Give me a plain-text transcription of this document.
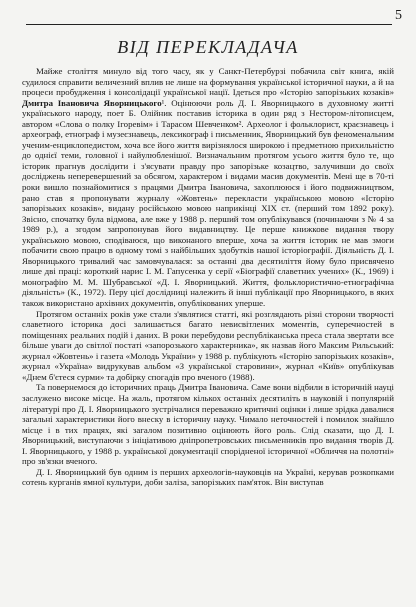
5
ВІД ПЕРЕКЛАДАЧА

Майже століття минуло від того часу, як у Санкт-Петербурзі побачила світ книга, якій судилося справити величезний вплив не лише на формування української історичної науки, а й на процеси пробудження і консолідації української нації. Ідеться про «Історію запорізьких козаків» Дмитра Івановича Яворницького¹. Оцінюючи роль Д. І. Яворницького в духовному житті українського народу, поет Б. Олійник поставив історика в один ряд з Нестором-літописцем, автором «Слова о полку Ігоревім» і Тарасом Шевченком². Археолог і фольклорист, краєзнавець і археограф, етнограф і музеєзнавець, лексикограф і письменник, Яворницький був феноменальним ученим-енциклопедистом, хоча все його життя вирізнялося широкою і предметною прихильністю до однієї теми, головної і найулюбленішої. Визначальним протягом усього життя було те, що історик прагнув дослідити і з'ясувати правду про запорізьке козацтво, залучивши до своїх досліджень неперевершений за обсягом, характером і видами масив документів. Мені ще в 70-ті роки вишло познайомитися з працями Дмитра Івановича, захоплююся і його подвижництвом, рано став я пропонувати журналу «Жовтень» перекласти українською мовою «Історію запорізьких козаків», видану російською мовою наприкінці XIX ст. (перший том 1892 року). Звісно, спочатку була відмова, але вже у 1988 р. перший том опублікувався (починаючи з № 4 за 1989 р.), а згодом запропонував його видавництву. Це перше книжкове видання твору українською мовою, сподіваюся, що виконаного вперше, хоча за життя історик не мав змоги побачити свою працю в одному томі з найбільших здобутків нашої історіографії. Діяльність Д. І. Яворницького тривалий час замовчувалася: за останні два десятиліття йому було присвячено лише дві праці: короткий нарис І. М. Гапусенка у серії «Біографії славетних учених» (К., 1969) і монографію М. М. Шубравської «Д. І. Яворницький. Життя, фольклористично-етнографічна діяльність» (К., 1972). Перу цієї дослідниці належить й інші публікації про Яворницького, в яких також використано архівних документів, опублікованих уперше.

Протягом останніх років уже стали з'являтися статті, які розглядають різні сторони творчості славетного історика досі залишається багато невисвітлених моментів, суперечностей в поміщеннях реальних подій і даних. В роки перебудови республіканська преса стала звертати все більше уваги до світлої постаті «запорозького характерника», як назвав його Максим Рильський: журнал «Жовтень» і газета «Молодь України» у 1988 р. публікують «Історію запорізьких козаків», журнал «Україна» видрукував альбом «З української старовини», журнал «Київ» опублікував «Днем б'єтеся сурми» та добірку спогадів про вченого (1988).

Та повернемося до історичних праць Дмитра Івановича. Саме вони відбили в історичній науці заслужено високе місце. На жаль, протягом кількох останніх десятиліть в науковій і популярній літературі про Д. І. Яворницького зустрічалися переважно критичні оцінки і лише зрідка давалися загальні характеристики його внеску в історичну науку. Чимало неточностей і помилок знайшло місце і в тих працях, які загалом позитивно оцінюють його роль. Слід сказати, що Д. І. Яворницький, виступаючи з ініціативою дніпропетровських письменників про видання творів Д. І. Яворницького, у 1988 р. української документації спорідненої історичної «Обличчя на полотні» про зв'язки вченого.

Д. І. Яворницький був одним із перших археологів-науковців на Україні, керував розкопками сотень курганів ямної культури, доби заліза, запорізьких пам'яток. Він виступав
